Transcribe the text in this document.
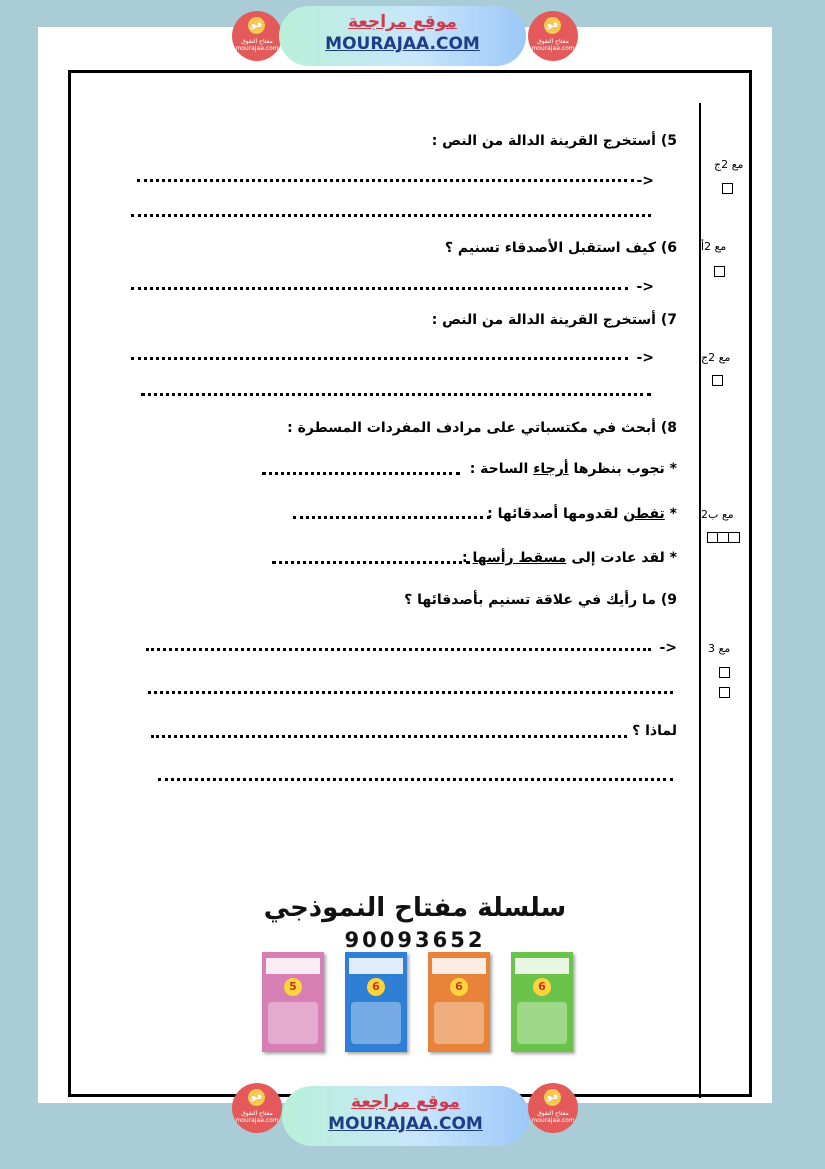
فو
مفتاح التفوق
mourajaa.com
موقع مراجعة
MOURAJAA.COM
فو
مفتاح التفوق
mourajaa.com
5) أستخرج القرينة الدالة من النص :
<-
6) كيف استقبل الأصدقاء تسنيم ؟
<-
7) أستخرج القرينة الدالة من النص :
<-
8) أبحث في مكتسباتي على مرادف المفردات المسطرة :
* تجوب بنظرها أرجاء الساحة :
* تفطن لقدومها أصدقائها :
* لقد عادت إلى مسقط رأسها :
9) ما رأيك في علاقة تسنيم بأصدقائها ؟
<-
لماذا ؟
مع 2ج
مع 2أ
مع 2ج
مع ب2
مع 3
سلسلة مفتاح النموذجي
90093652
5	6	6	6
فو
مفتاح التفوق
mourajaa.com
موقع مراجعة
MOURAJAA.COM
فو
مفتاح التفوق
mourajaa.com
